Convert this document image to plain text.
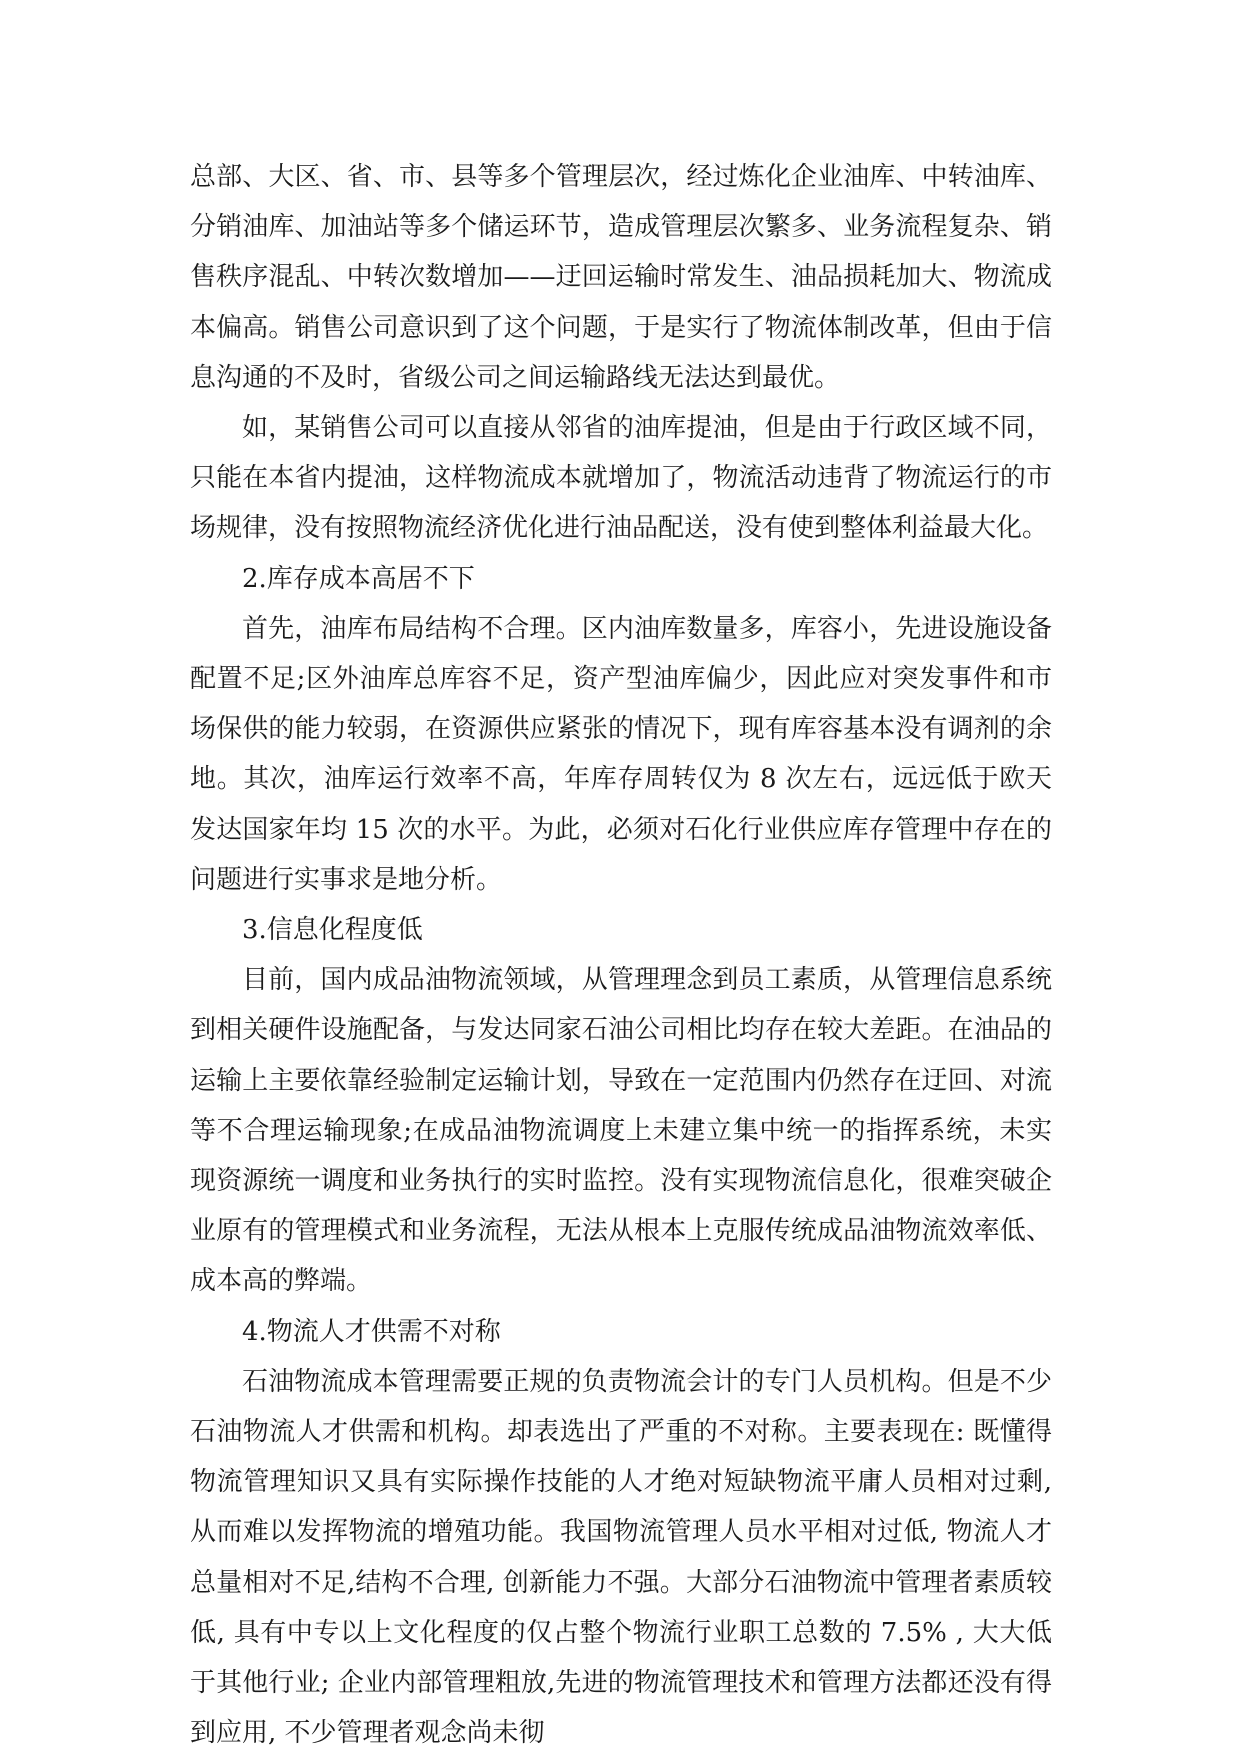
总部、大区、省、市、县等多个管理层次，经过炼化企业油库、中转油库、分销油库、加油站等多个储运环节，造成管理层次繁多、业务流程复杂、销售秩序混乱、中转次数增加——迂回运输时常发生、油品损耗加大、物流成本偏高。销售公司意识到了这个问题，于是实行了物流体制改革，但由于信息沟通的不及时，省级公司之间运输路线无法达到最优。

如，某销售公司可以直接从邻省的油库提油，但是由于行政区域不同，只能在本省内提油，这样物流成本就增加了，物流活动违背了物流运行的市场规律，没有按照物流经济优化进行油品配送，没有使到整体利益最大化。

2.库存成本高居不下

首先，油库布局结构不合理。区内油库数量多，库容小，先进设施设备配置不足;区外油库总库容不足，资产型油库偏少，因此应对突发事件和市场保供的能力较弱，在资源供应紧张的情况下，现有库容基本没有调剂的余地。其次，油库运行效率不高，年库存周转仅为 8 次左右，远远低于欧天发达国家年均 15 次的水平。为此，必须对石化行业供应库存管理中存在的问题进行实事求是地分析。

3.信息化程度低

目前，国内成品油物流领域，从管理理念到员工素质，从管理信息系统到相关硬件设施配备，与发达同家石油公司相比均存在较大差距。在油品的运输上主要依靠经验制定运输计划，导致在一定范围内仍然存在迂回、对流等不合理运输现象;在成品油物流调度上未建立集中统一的指挥系统，未实现资源统一调度和业务执行的实时监控。没有实现物流信息化，很难突破企业原有的管理模式和业务流程，无法从根本上克服传统成品油物流效率低、成本高的弊端。

4.物流人才供需不对称

石油物流成本管理需要正规的负责物流会计的专门人员机构。但是不少石油物流人才供需和机构。却表选出了严重的不对称。主要表现在: 既懂得物流管理知识又具有实际操作技能的人才绝对短缺物流平庸人员相对过剩, 从而难以发挥物流的增殖功能。我国物流管理人员水平相对过低, 物流人才总量相对不足,结构不合理, 创新能力不强。大部分石油物流中管理者素质较低, 具有中专以上文化程度的仅占整个物流行业职工总数的 7.5% , 大大低于其他行业; 企业内部管理粗放,先进的物流管理技术和管理方法都还没有得到应用, 不少管理者观念尚未彻
